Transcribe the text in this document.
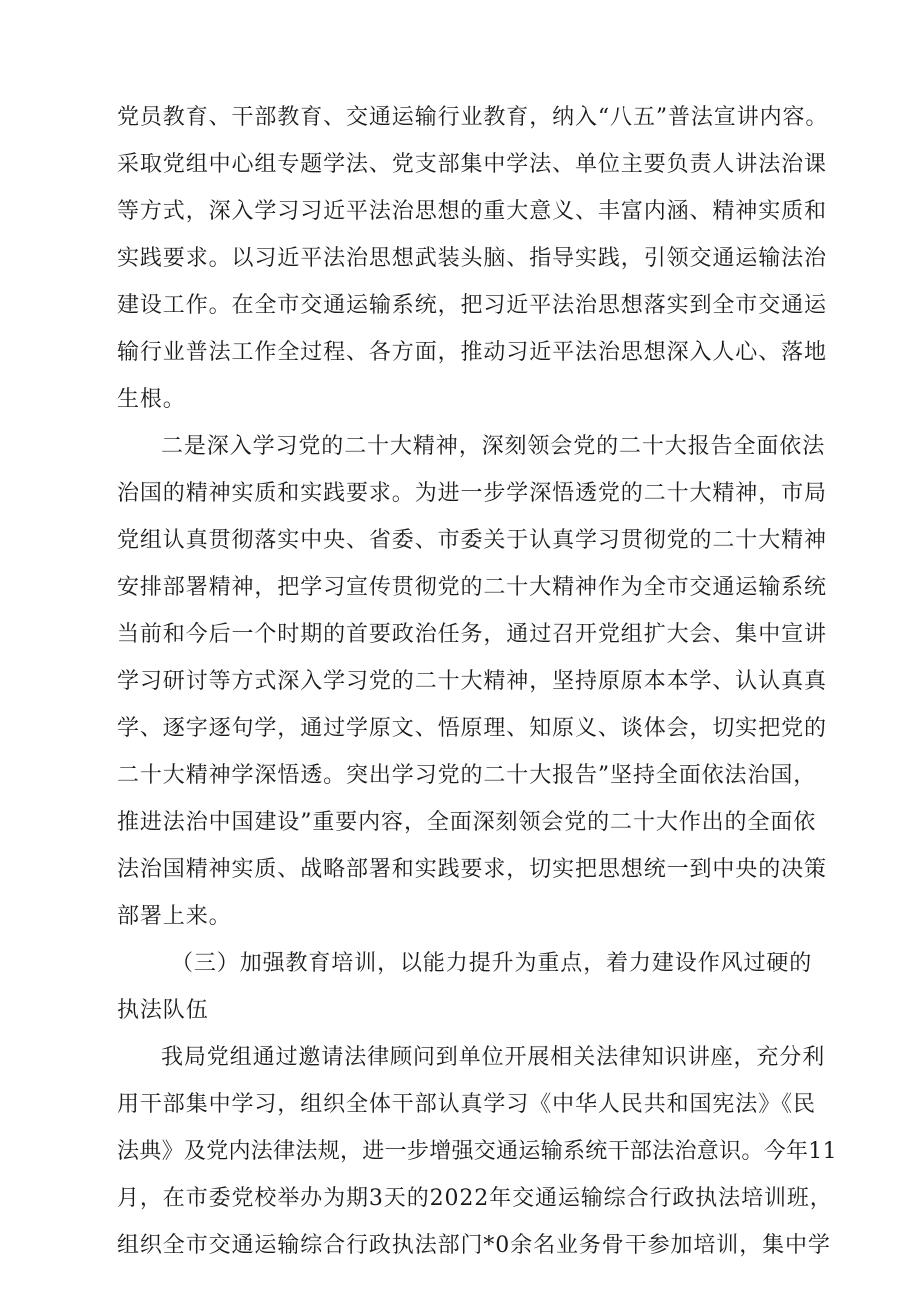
党员教育、干部教育、交通运输行业教育，纳入“八五”普法宣讲内容。
采取党组中心组专题学法、党支部集中学法、单位主要负责人讲法治课
等方式，深入学习习近平法治思想的重大意义、丰富内涵、精神实质和
实践要求。以习近平法治思想武装头脑、指导实践，引领交通运输法治
建设工作。在全市交通运输系统，把习近平法治思想落实到全市交通运
输行业普法工作全过程、各方面，推动习近平法治思想深入人心、落地
生根。
二是深入学习党的二十大精神，深刻领会党的二十大报告全面依法
治国的精神实质和实践要求。为进一步学深悟透党的二十大精神，市局
党组认真贯彻落实中央、省委、市委关于认真学习贯彻党的二十大精神
安排部署精神，把学习宣传贯彻党的二十大精神作为全市交通运输系统
当前和今后一个时期的首要政治任务，通过召开党组扩大会、集中宣讲
学习研讨等方式深入学习党的二十大精神，坚持原原本本学、认认真真
学、逐字逐句学，通过学原文、悟原理、知原义、谈体会，切实把党的
二十大精神学深悟透。突出学习党的二十大报告”坚持全面依法治国，
推进法治中国建设”重要内容，全面深刻领会党的二十大作出的全面依
法治国精神实质、战略部署和实践要求，切实把思想统一到中央的决策
部署上来。
（三）加强教育培训，以能力提升为重点，着力建设作风过硬的
执法队伍
我局党组通过邀请法律顾问到单位开展相关法律知识讲座，充分利
用干部集中学习，组织全体干部认真学习《中华人民共和国宪法》《民
法典》及党内法律法规，进一步增强交通运输系统干部法治意识。今年11
月，在市委党校举办为期3天的2022年交通运输综合行政执法培训班，
组织全市交通运输综合行政执法部门*0余名业务骨干参加培训，集中学
